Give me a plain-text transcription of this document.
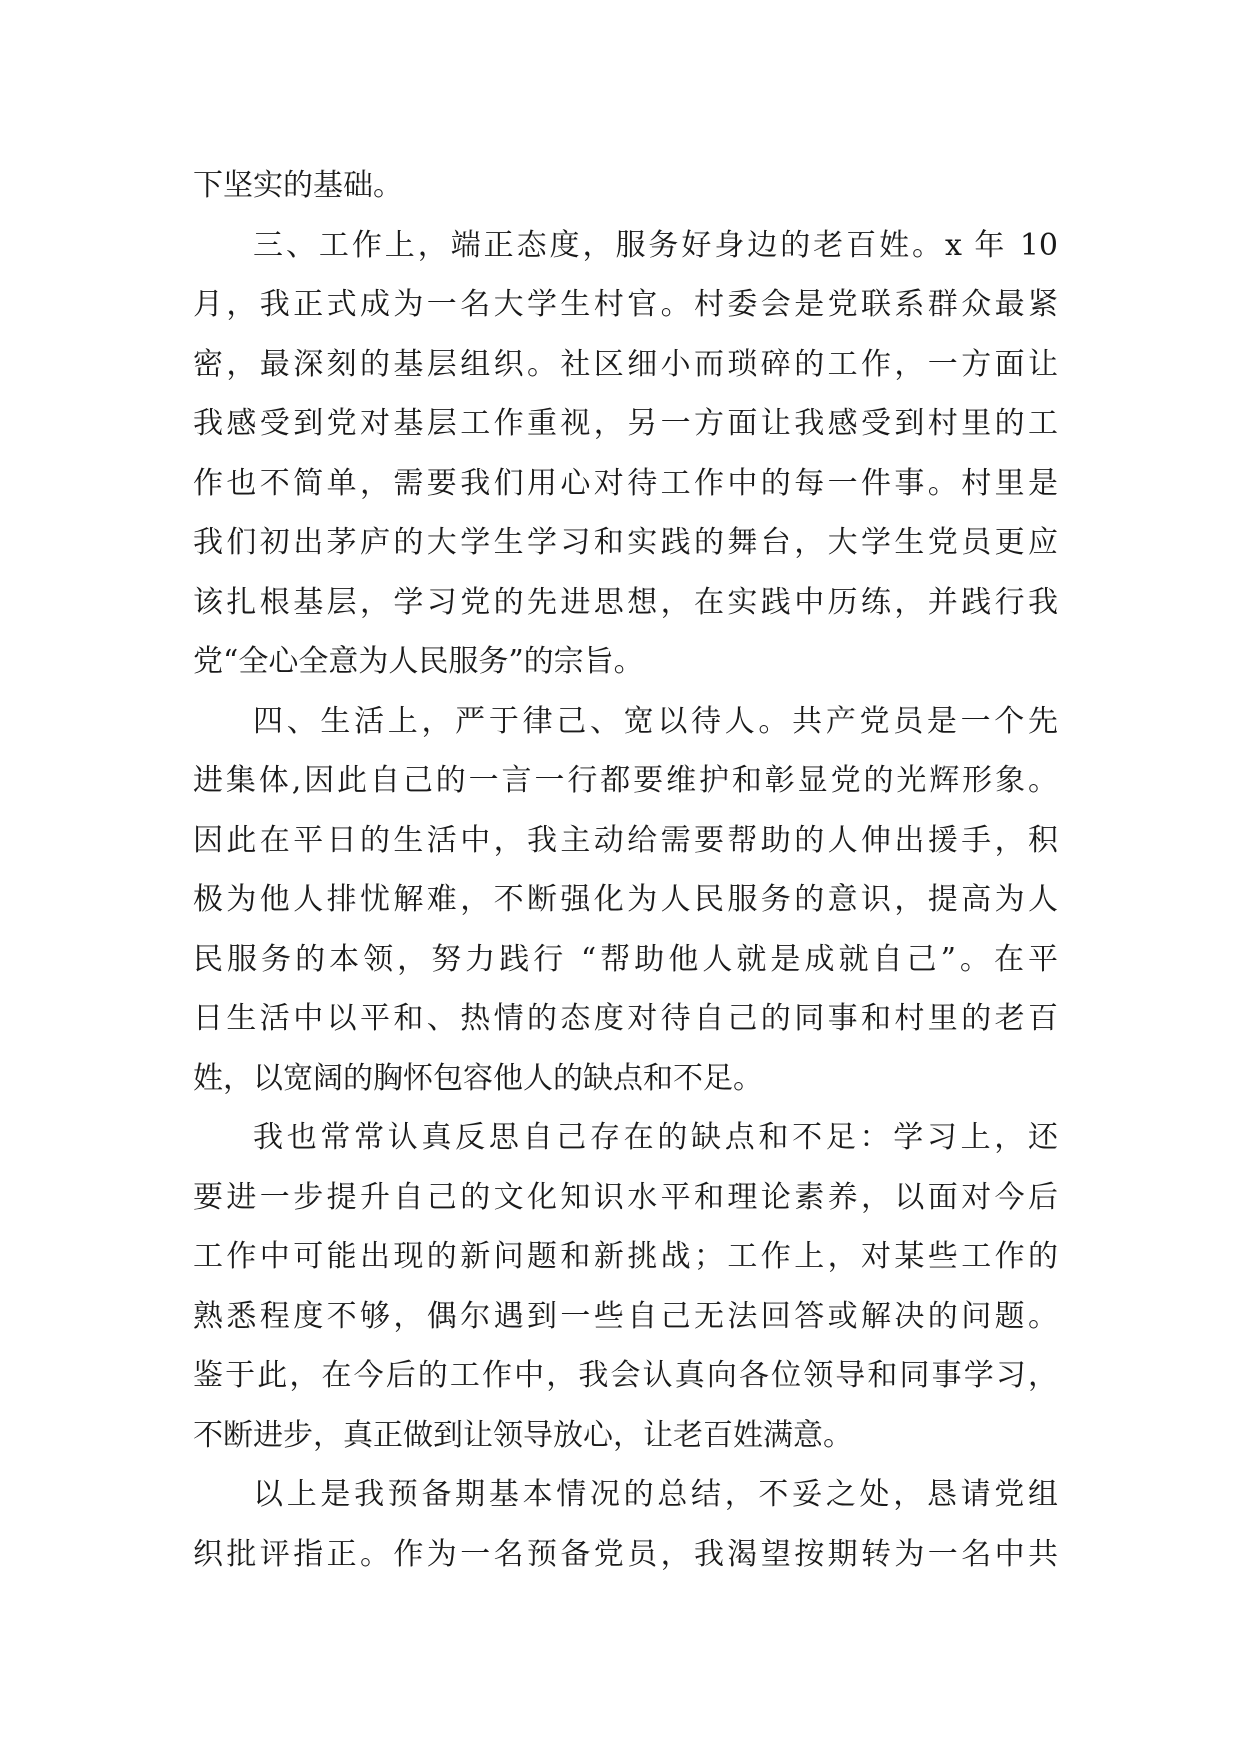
下坚实的基础。
三、工作上，端正态度，服务好身边的老百姓。x 年 10
月，我正式成为一名大学生村官。村委会是党联系群众最紧
密，最深刻的基层组织。社区细小而琐碎的工作，一方面让
我感受到党对基层工作重视，另一方面让我感受到村里的工
作也不简单，需要我们用心对待工作中的每一件事。村里是
我们初出茅庐的大学生学习和实践的舞台，大学生党员更应
该扎根基层，学习党的先进思想，在实践中历练，并践行我
党“全心全意为人民服务”的宗旨。
四、生活上，严于律己、宽以待人。共产党员是一个先
进集体,因此自己的一言一行都要维护和彰显党的光辉形象。
因此在平日的生活中，我主动给需要帮助的人伸出援手，积
极为他人排忧解难，不断强化为人民服务的意识，提高为人
民服务的本领，努力践行 “帮助他人就是成就自己”。在平
日生活中以平和、热情的态度对待自己的同事和村里的老百
姓，以宽阔的胸怀包容他人的缺点和不足。
我也常常认真反思自己存在的缺点和不足：学习上，还
要进一步提升自己的文化知识水平和理论素养，以面对今后
工作中可能出现的新问题和新挑战；工作上，对某些工作的
熟悉程度不够，偶尔遇到一些自己无法回答或解决的问题。
鉴于此，在今后的工作中，我会认真向各位领导和同事学习，
不断进步，真正做到让领导放心，让老百姓满意。
以上是我预备期基本情况的总结，不妥之处，恳请党组
织批评指正。作为一名预备党员，我渴望按期转为一名中共
